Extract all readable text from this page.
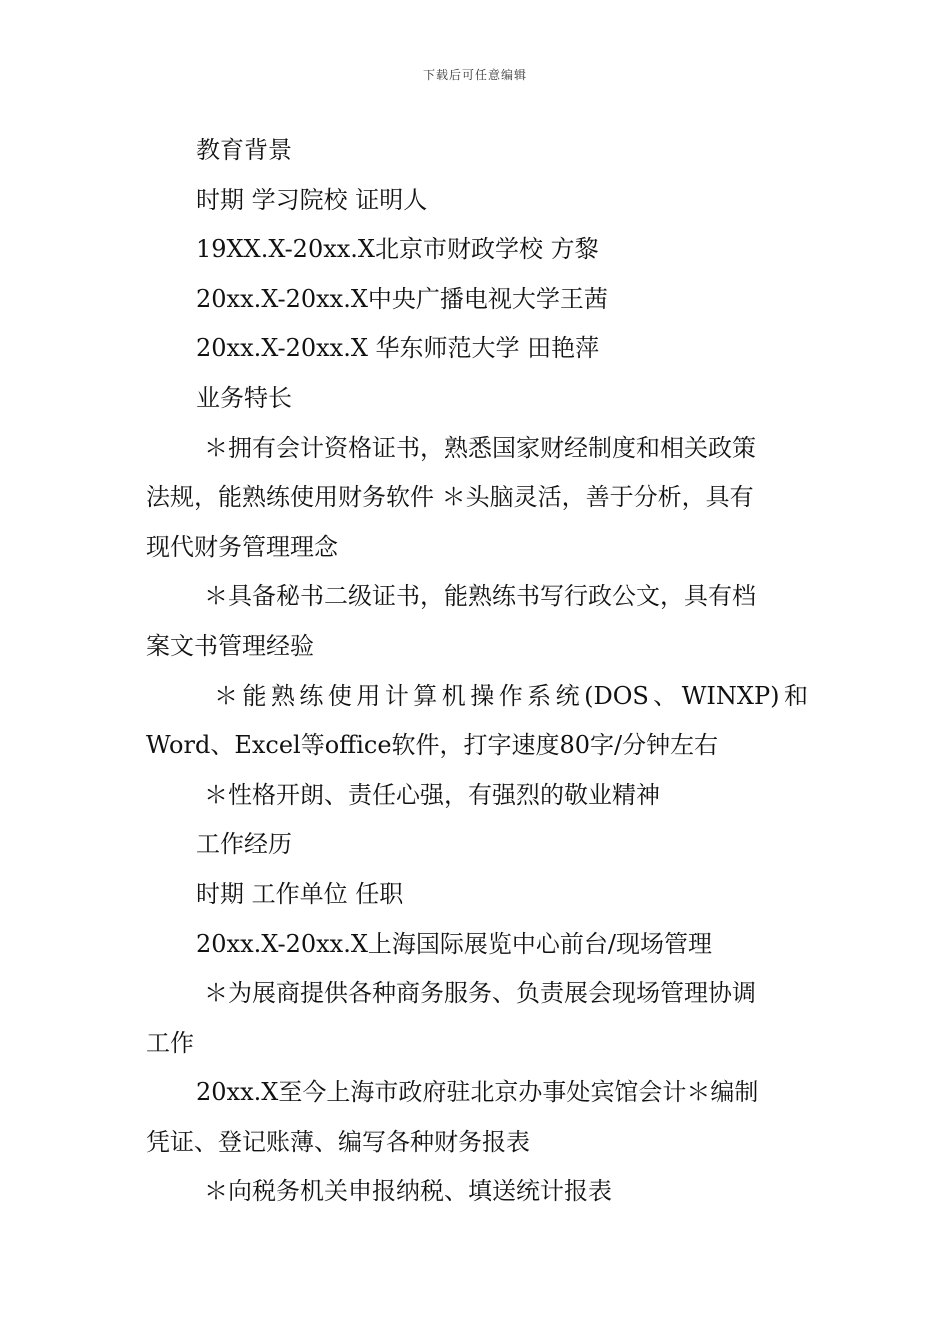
下载后可任意编辑
教育背景
时期 学习院校 证明人
19XX.X-20xx.X北京市财政学校 方黎
20xx.X-20xx.X中央广播电视大学王茜
20xx.X-20xx.X 华东师范大学 田艳萍
业务特长
＊拥有会计资格证书，熟悉国家财经制度和相关政策
法规，能熟练使用财务软件 ＊头脑灵活，善于分析，具有
现代财务管理理念
＊具备秘书二级证书，能熟练书写行政公文，具有档
案文书管理经验
＊ 能 熟 练 使 用 计 算 机 操 作 系 统 (DOS 、 WINXP) 和
Word、Excel等office软件，打字速度80字/分钟左右
＊性格开朗、责任心强，有强烈的敬业精神
工作经历
时期 工作单位 任职
20xx.X-20xx.X上海国际展览中心前台/现场管理
＊为展商提供各种商务服务、负责展会现场管理协调
工作
20xx.X至今上海市政府驻北京办事处宾馆会计＊编制
凭证、登记账薄、编写各种财务报表
＊向税务机关申报纳税、填送统计报表
